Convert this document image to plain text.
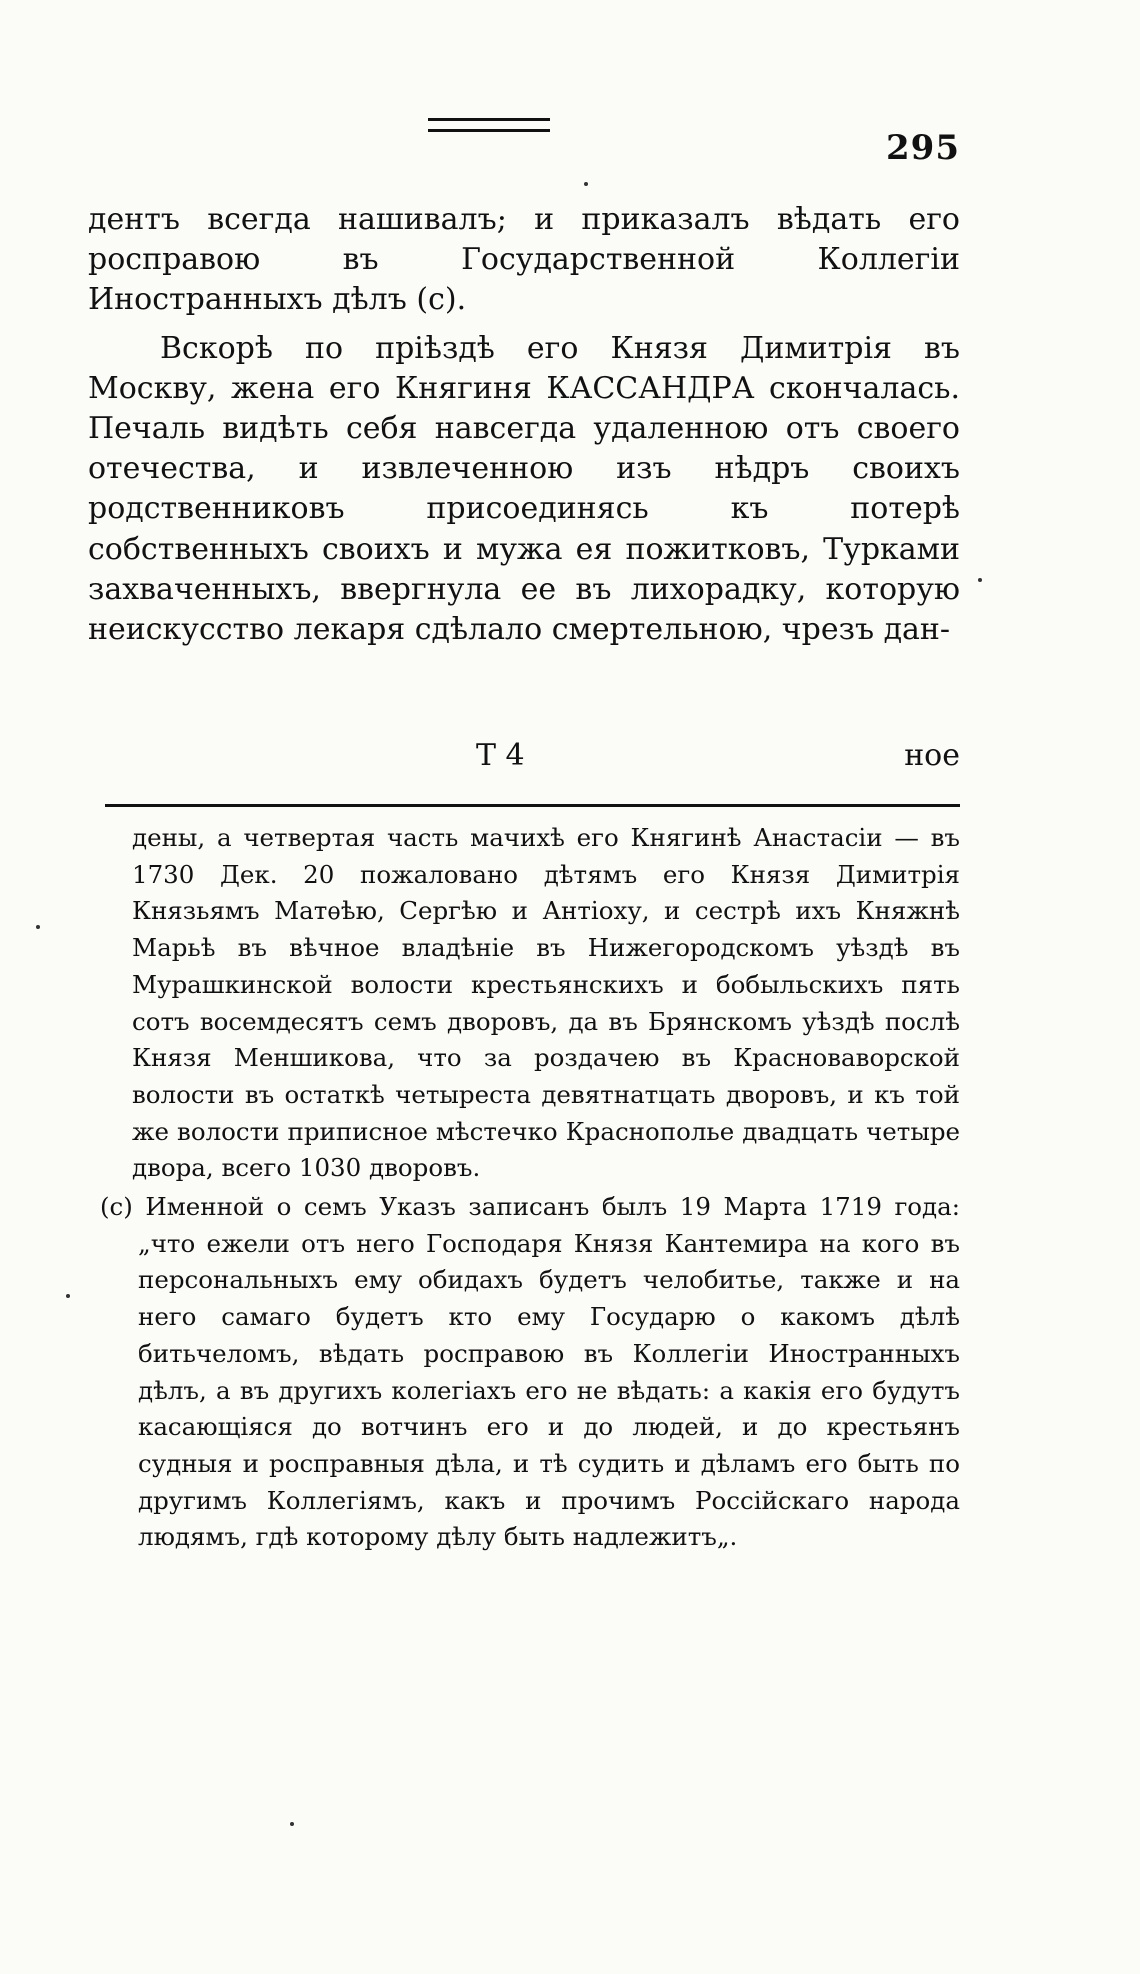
295

дентъ всегда нашивалъ; и приказалъ вѣдать его росправою въ Государственной Коллегіи Иностранныхъ дѣлъ (с).

Вскорѣ по пріѣздѣ его Князя Димитрія въ Москву, жена его Княгиня КАССАНДРА скончалась. Печаль видѣть себя навсегда удаленною отъ своего отечества, и извлеченною изъ нѣдръ своихъ родственниковъ присоединясь къ потерѣ собственныхъ своихъ и мужа ея пожитковъ, Турками захваченныхъ, ввергнула ее въ лихорадку, которую неискусство лекаря сдѣлало смертельною, чрезъ дан-

Т 4	ное

дены, а четвертая часть мачихѣ его Княгинѣ Анастасіи — въ 1730 Дек. 20 пожаловано дѣтямъ его Князя Димитрія Князьямъ Матѳѣю, Сергѣю и Антіоху, и сестрѣ ихъ Княжнѣ Марьѣ въ вѣчное владѣніе въ Нижегородскомъ уѣздѣ въ Мурашкинской волости крестьянскихъ и бобыльскихъ пять сотъ восемдесятъ семъ дворовъ, да въ Брянскомъ уѣздѣ послѣ Князя Меншикова, что за роздачею въ Красноваворской волости въ остаткѣ четыреста девятнатцать дворовъ, и къ той же волости приписное мѣстечко Краснополье двадцать четыре двора, всего 1030 дворовъ.

(с) Именной о семъ Указъ записанъ былъ 19 Марта 1719 года: „что ежели отъ него Господаря Князя Кантемира на кого въ персональныхъ ему обидахъ будетъ челобитье, также и на него самаго будетъ кто ему Государю о какомъ дѣлѣ битьчеломъ, вѣдать росправою въ Коллегіи Иностранныхъ дѣлъ, а въ другихъ колегіахъ его не вѣдать: а какія его будутъ касающіяся до вотчинъ его и до людей, и до крестьянъ судныя и росправныя дѣла, и тѣ судить и дѣламъ его быть по другимъ Коллегіямъ, какъ и прочимъ Россійскаго народа людямъ, гдѣ которому дѣлу быть надлежитъ„.
